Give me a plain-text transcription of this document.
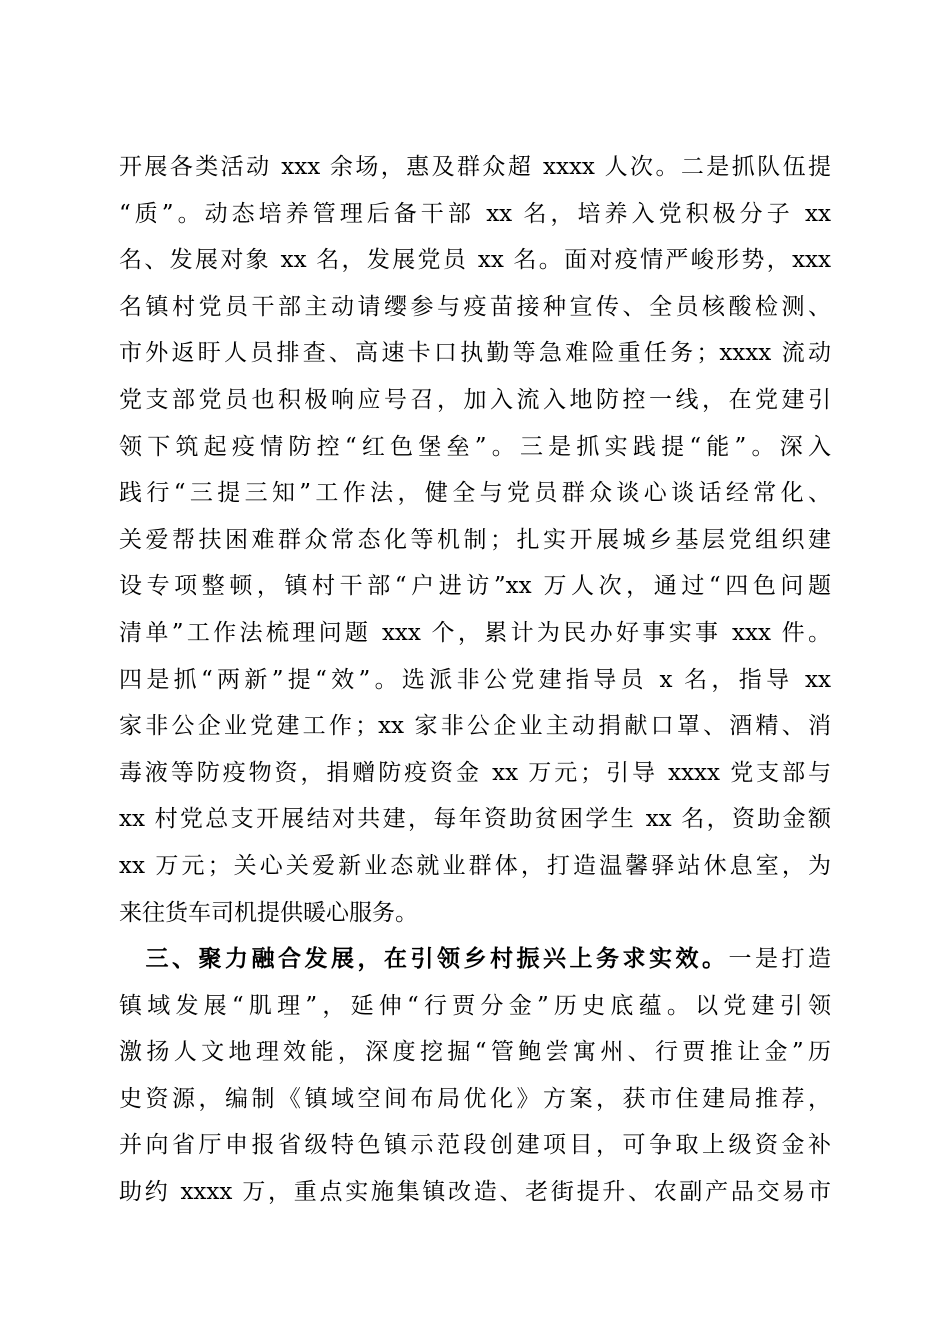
开展各类活动 xxx 余场，惠及群众超 xxxx 人次。二是抓队伍提
“质”。动态培养管理后备干部 xx 名，培养入党积极分子 xx
名、发展对象 xx 名，发展党员 xx 名。面对疫情严峻形势，xxx
名镇村党员干部主动请缨参与疫苗接种宣传、全员核酸检测、
市外返盱人员排查、高速卡口执勤等急难险重任务；xxxx 流动
党支部党员也积极响应号召，加入流入地防控一线，在党建引
领下筑起疫情防控“红色堡垒”。三是抓实践提“能”。深入
践行“三提三知”工作法，健全与党员群众谈心谈话经常化、
关爱帮扶困难群众常态化等机制；扎实开展城乡基层党组织建
设专项整顿，镇村干部“户进访”xx 万人次，通过“四色问题
清单”工作法梳理问题 xxx 个，累计为民办好事实事 xxx 件。
四是抓“两新”提“效”。选派非公党建指导员 x 名，指导 xx
家非公企业党建工作；xx 家非公企业主动捐献口罩、酒精、消
毒液等防疫物资，捐赠防疫资金 xx 万元；引导 xxxx 党支部与
xx 村党总支开展结对共建，每年资助贫困学生 xx 名，资助金额
xx 万元；关心关爱新业态就业群体，打造温馨驿站休息室，为
来往货车司机提供暖心服务。
三、聚力融合发展，在引领乡村振兴上务求实效。一是打造
镇域发展“肌理”，延伸“行贾分金”历史底蕴。以党建引领
激扬人文地理效能，深度挖掘“管鲍尝寓州、行贾推让金”历
史资源，编制《镇域空间布局优化》方案，获市住建局推荐，
并向省厅申报省级特色镇示范段创建项目，可争取上级资金补
助约 xxxx 万，重点实施集镇改造、老街提升、农副产品交易市
